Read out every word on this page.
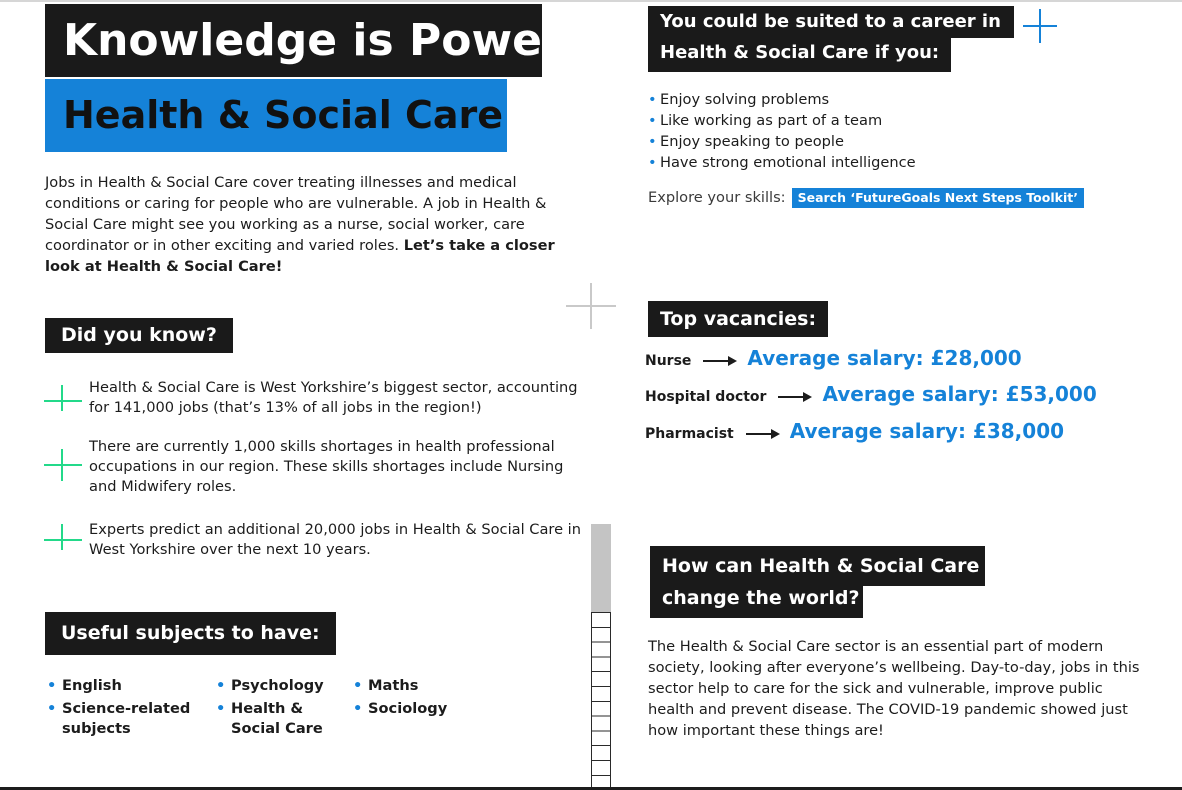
Knowledge is Power:
Health & Social Care
Jobs in Health & Social Care cover treating illnesses and medical conditions or caring for people who are vulnerable. A job in Health & Social Care might see you working as a nurse, social worker, care coordinator or in other exciting and varied roles. Let’s take a closer look at Health & Social Care!
Did you know?
Health & Social Care is West Yorkshire’s biggest sector, accounting for 141,000 jobs (that’s 13% of all jobs in the region!)
There are currently 1,000 skills shortages in health professional occupations in our region. These skills shortages include Nursing and Midwifery roles.
Experts predict an additional 20,000 jobs in Health & Social Care in West Yorkshire over the next 10 years.
Useful subjects to have:
• English
• Science-related subjects
• Psychology
• Health & Social Care
• Maths
• Sociology
You could be suited to a career in
Health & Social Care if you:
• Enjoy solving problems
• Like working as part of a team
• Enjoy speaking to people
• Have strong emotional intelligence
Explore your skills: Search ‘FutureGoals Next Steps Toolkit’
Top vacancies:
Nurse	Average salary: £28,000
Hospital doctor	Average salary: £53,000
Pharmacist	Average salary: £38,000
How can Health & Social Care
change the world?
The Health & Social Care sector is an essential part of modern society, looking after everyone’s wellbeing. Day-to-day, jobs in this sector help to care for the sick and vulnerable, improve public health and prevent disease. The COVID-19 pandemic showed just how important these things are!
